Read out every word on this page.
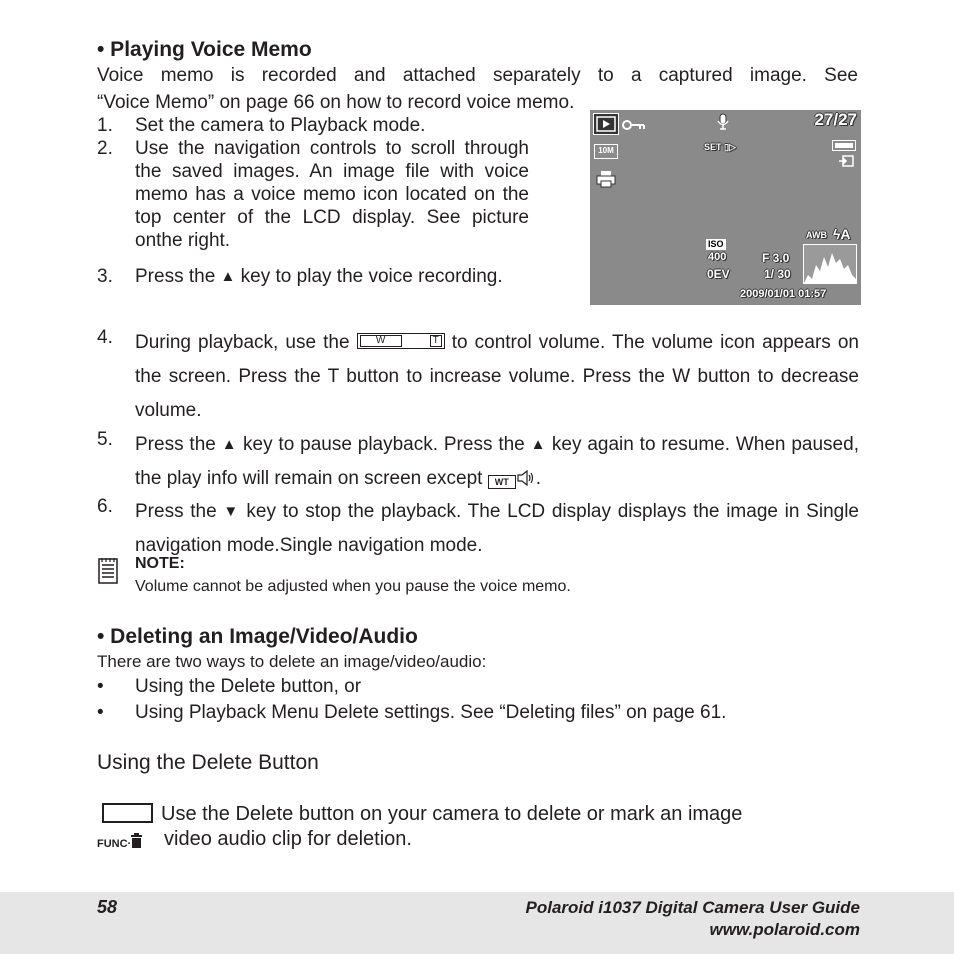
• Playing Voice Memo
Voice memo is recorded and attached separately to a captured image. See
“Voice Memo” on page 66 on how to record voice memo.
1.	Set the camera to Playback mode.
2.	Use the navigation controls to scroll through the saved images. An image file with voice memo has a voice memo icon located on the top center of the LCD display. See picture onthe right.
3.	Press the ▲ key to play the voice recording.
27/27
10M	SET ▯▷
AWB ϟA
ISO
400
0EV
F 3.0
1/ 30
2009/01/01 01:57
4.	During playback, use the	W	T to control volume. The volume icon appears on the screen. Press the T button to increase volume. Press the W button to decrease volume.
5.	Press the ▲ key to pause playback. Press the ▲ key again to resume. When paused, the play info will remain on screen except WT .
6.	Press the ▼ key to stop the playback. The LCD display displays the image in Single navigation mode.Single navigation mode.
NOTE:
Volume cannot be adjusted when you pause the voice memo.
• Deleting an Image/Video/Audio
There are two ways to delete an image/video/audio:
• Using the Delete button, or
• Using Playback Menu Delete settings. See “Deleting files” on page 61.
Using the Delete Button
FUNC·
Use the Delete button on your camera to delete or mark an image
video audio clip for deletion.
58	Polaroid i1037 Digital Camera User Guide
www.polaroid.com
